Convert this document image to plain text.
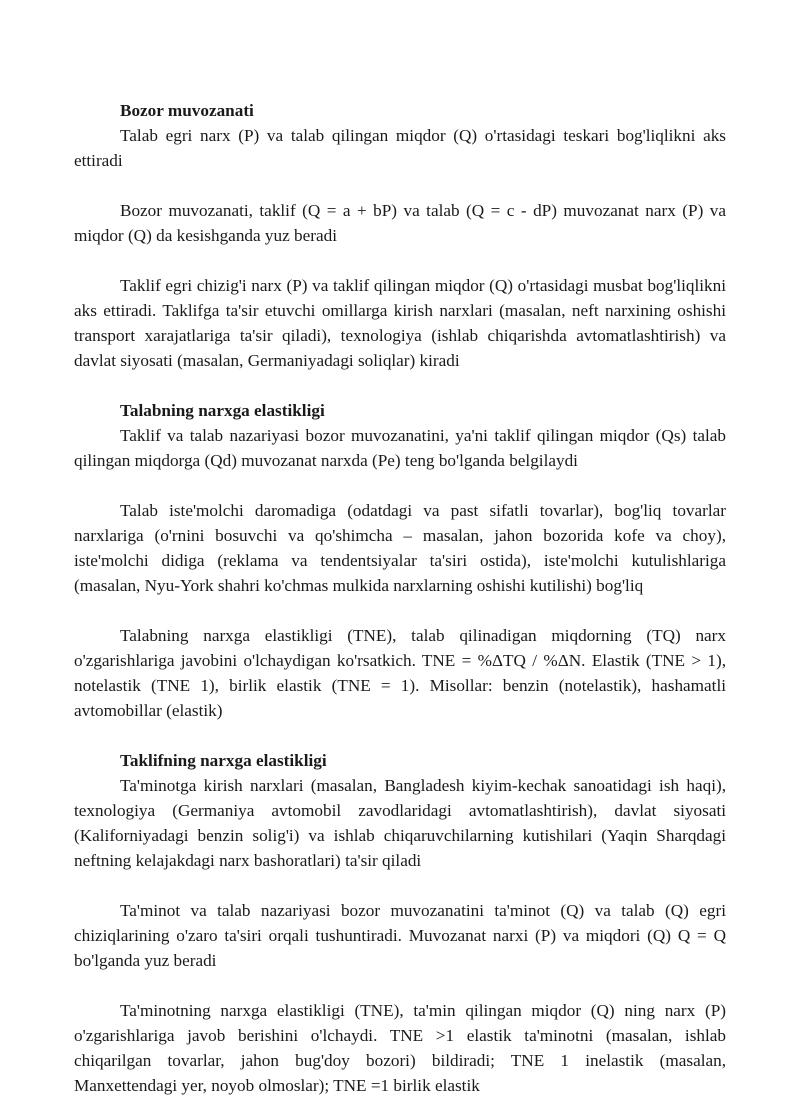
Bozor muvozanati

Talab egri narx (P) va talab qilingan miqdor (Q) o'rtasidagi teskari bog'liqlikni aks ettiradi

Bozor muvozanati, taklif (Q = a + bP) va talab (Q = c - dP) muvozanat narx (P) va miqdor (Q) da kesishganda yuz beradi

Taklif egri chizig'i narx (P) va taklif qilingan miqdor (Q) o'rtasidagi musbat bog'liqlikni aks ettiradi. Taklifga ta'sir etuvchi omillarga kirish narxlari (masalan, neft narxining oshishi transport xarajatlariga ta'sir qiladi), texnologiya (ishlab chiqarishda avtomatlashtirish) va davlat siyosati (masalan, Germaniyadagi soliqlar) kiradi

Talabning narxga elastikligi

Taklif va talab nazariyasi bozor muvozanatini, ya'ni taklif qilingan miqdor (Qs) talab qilingan miqdorga (Qd) muvozanat narxda (Pe) teng bo'lganda belgilaydi

Talab iste'molchi daromadiga (odatdagi va past sifatli tovarlar), bog'liq tovarlar narxlariga (o'rnini bosuvchi va qo'shimcha – masalan, jahon bozorida kofe va choy), iste'molchi didiga (reklama va tendentsiyalar ta'siri ostida), iste'molchi kutulishlariga (masalan, Nyu-York shahri ko'chmas mulkida narxlarning oshishi kutilishi) bog'liq

Talabning narxga elastikligi (TNE), talab qilinadigan miqdorning (TQ) narx o'zgarishlariga javobini o'lchaydigan ko'rsatkich. TNE = %ΔTQ / %ΔN. Elastik (TNE > 1), notelastik (TNE 1), birlik elastik (TNE = 1). Misollar: benzin (notelastik), hashamatli avtomobillar (elastik)

Taklifning narxga elastikligi

Ta'minotga kirish narxlari (masalan, Bangladesh kiyim-kechak sanoatidagi ish haqi), texnologiya (Germaniya avtomobil zavodlaridagi avtomatlashtirish), davlat siyosati (Kaliforniyadagi benzin solig'i) va ishlab chiqaruvchilarning kutishilari (Yaqin Sharqdagi neftning kelajakdagi narx bashoratlari) ta'sir qiladi

Ta'minot va talab nazariyasi bozor muvozanatini ta'minot (Q) va talab (Q) egri chiziqlarining o'zaro ta'siri orqali tushuntiradi. Muvozanat narxi (P) va miqdori (Q) Q = Q bo'lganda yuz beradi

Ta'minotning narxga elastikligi (TNE), ta'min qilingan miqdor (Q) ning narx (P) o'zgarishlariga javob berishini o'lchaydi. TNE >1 elastik ta'minotni (masalan, ishlab chiqarilgan tovarlar, jahon bug'doy bozori) bildiradi; TNE 1 inelastik (masalan, Manxettendagi yer, noyob olmoslar); TNE =1 birlik elastik
